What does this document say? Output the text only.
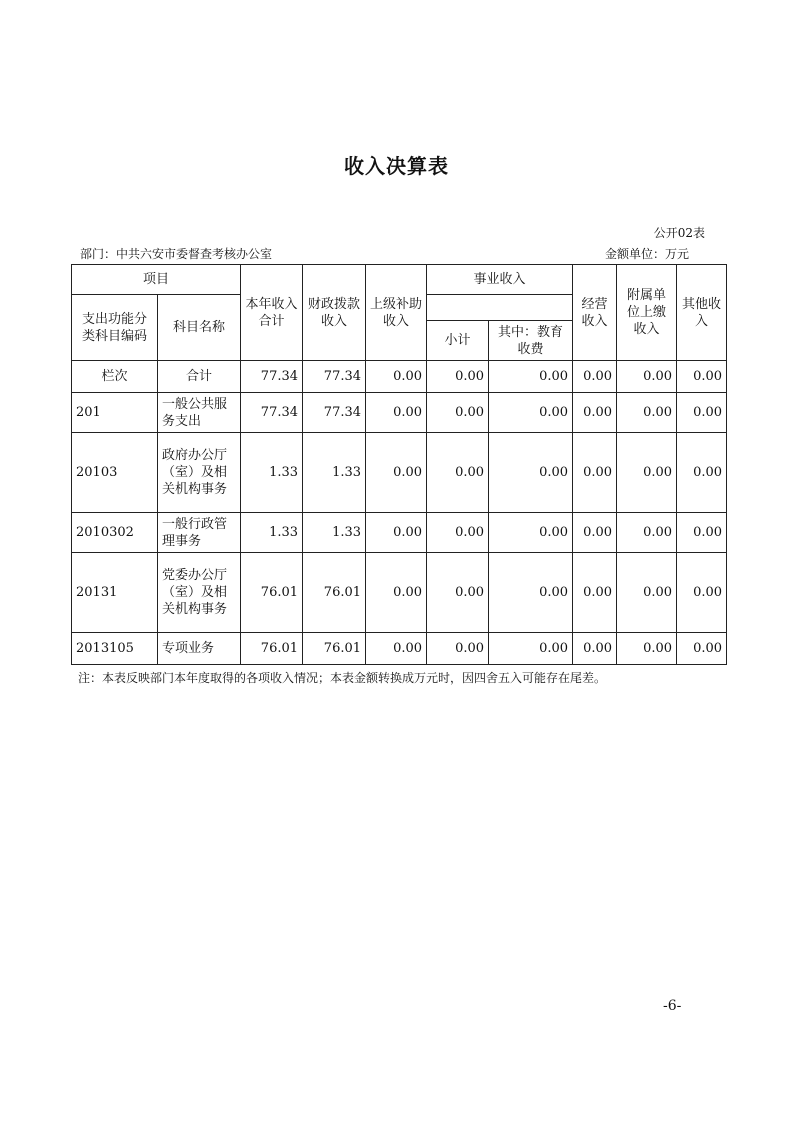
收入决算表
公开02表
部门：中共六安市委督查考核办公室	金额单位：万元
项目		本年收入合计	财政拨款收入	上级补助收入	事业收入		经营收入	附属单位上缴收入	其他收入
支出功能分类科目编码	科目名称								
					小计	其中：教育收费			
栏次	合计	77.34	77.34	0.00	0.00	0.00	0.00	0.00	0.00
201	一般公共服务支出	77.34	77.34	0.00	0.00	0.00	0.00	0.00	0.00
20103	政府办公厅（室）及相关机构事务	1.33	1.33	0.00	0.00	0.00	0.00	0.00	0.00
2010302	一般行政管理事务	1.33	1.33	0.00	0.00	0.00	0.00	0.00	0.00
20131	党委办公厅（室）及相关机构事务	76.01	76.01	0.00	0.00	0.00	0.00	0.00	0.00
2013105	专项业务	76.01	76.01	0.00	0.00	0.00	0.00	0.00	0.00
注：本表反映部门本年度取得的各项收入情况；本表金额转换成万元时，因四舍五入可能存在尾差。
-6-
